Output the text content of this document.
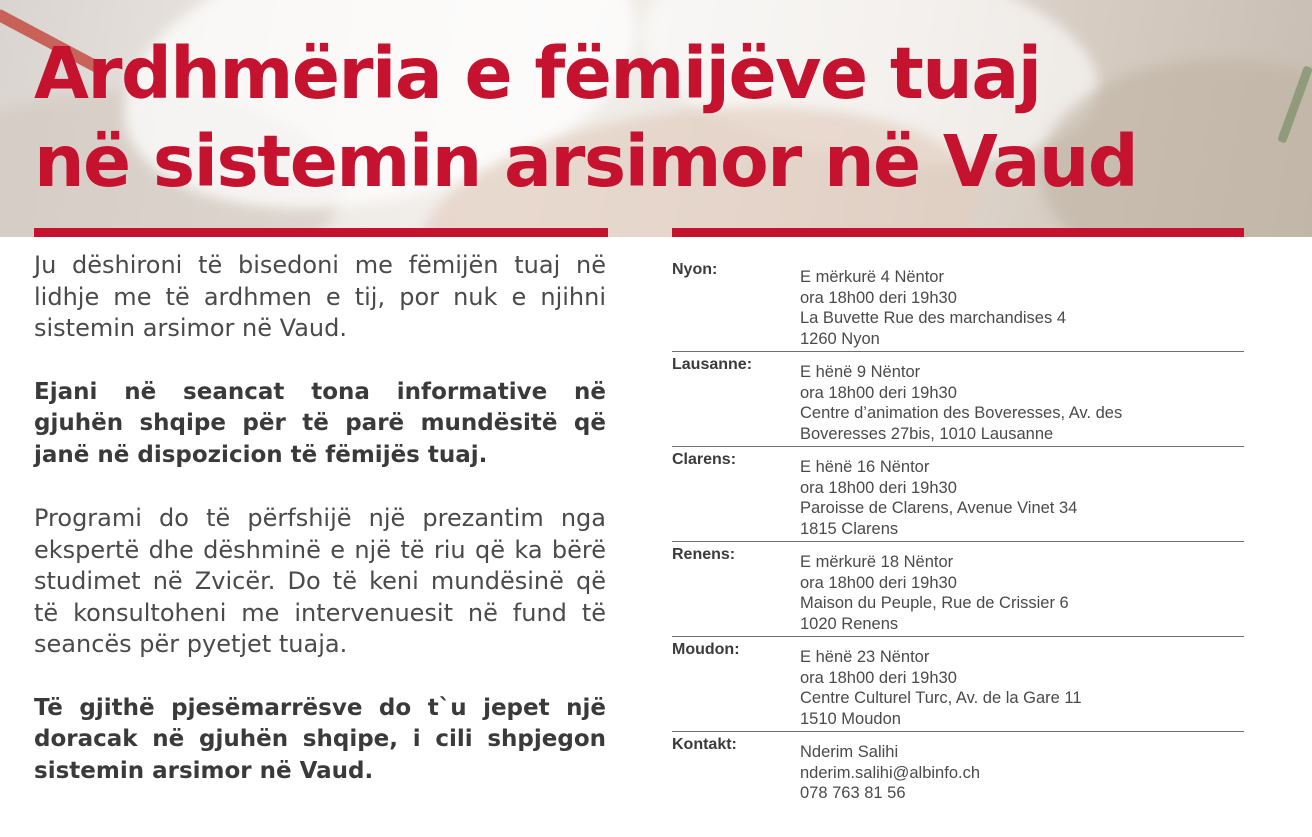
Ardhmëria e fëmijëve tuaj
në sistemin arsimor në Vaud

Ju dëshironi të bisedoni me fëmijën tuaj në lidhje me të ardhmen e tij, por nuk e njihni sistemin arsimor në Vaud.

Ejani në seancat tona informative në gjuhën shqipe për të parë mundësitë që janë në dispozicion të fëmijës tuaj.

Programi do të përfshijë një prezantim nga ekspertë dhe dëshminë e një të riu që ka bërë studimet në Zvicër. Do të keni mundësinë që të konsultoheni me intervenuesit në fund të seancës për pyetjet tuaja.

Të gjithë pjesëmarrësve do t`u jepet një doracak në gjuhën shqipe, i cili shpjegon sistemin arsimor në Vaud.

Nyon:	E mërkurë 4 Nëntor
ora 18h00 deri 19h30
La Buvette Rue des marchandises 4
1260 Nyon
Lausanne:	E hënë 9 Nëntor
ora 18h00 deri 19h30
Centre d’animation des Boveresses, Av. des
Boveresses 27bis, 1010 Lausanne
Clarens:	E hënë 16 Nëntor
ora 18h00 deri 19h30
Paroisse de Clarens, Avenue Vinet 34
1815 Clarens
Renens:	E mërkurë 18 Nëntor
ora 18h00 deri 19h30
Maison du Peuple, Rue de Crissier 6
1020 Renens
Moudon:	E hënë 23 Nëntor
ora 18h00 deri 19h30
Centre Culturel Turc, Av. de la Gare 11
1510 Moudon
Kontakt:	Nderim Salihi
nderim.salihi@albinfo.ch
078 763 81 56
